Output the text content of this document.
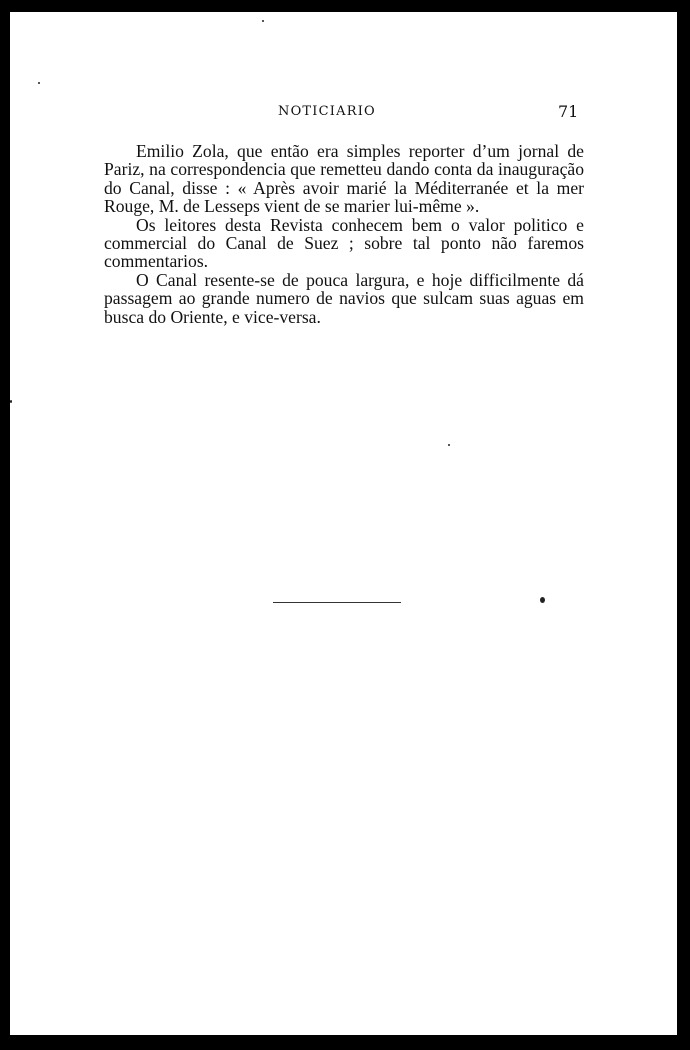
NOTICIARIO	71

Emilio Zola, que então era simples reporter d’um jornal de Pariz, na correspondencia que remetteu dando conta da inauguração do Canal, disse : « Après avoir marié la Méditerranée et la mer Rouge, M. de Lesseps vient de se marier lui-même ».

Os leitores desta Revista conhecem bem o valor politico e commercial do Canal de Suez ; sobre tal ponto não faremos commentarios.

O Canal resente-se de pouca largura, e hoje difficilmente dá passagem ao grande numero de navios que sulcam suas aguas em busca do Oriente, e vice-versa.
